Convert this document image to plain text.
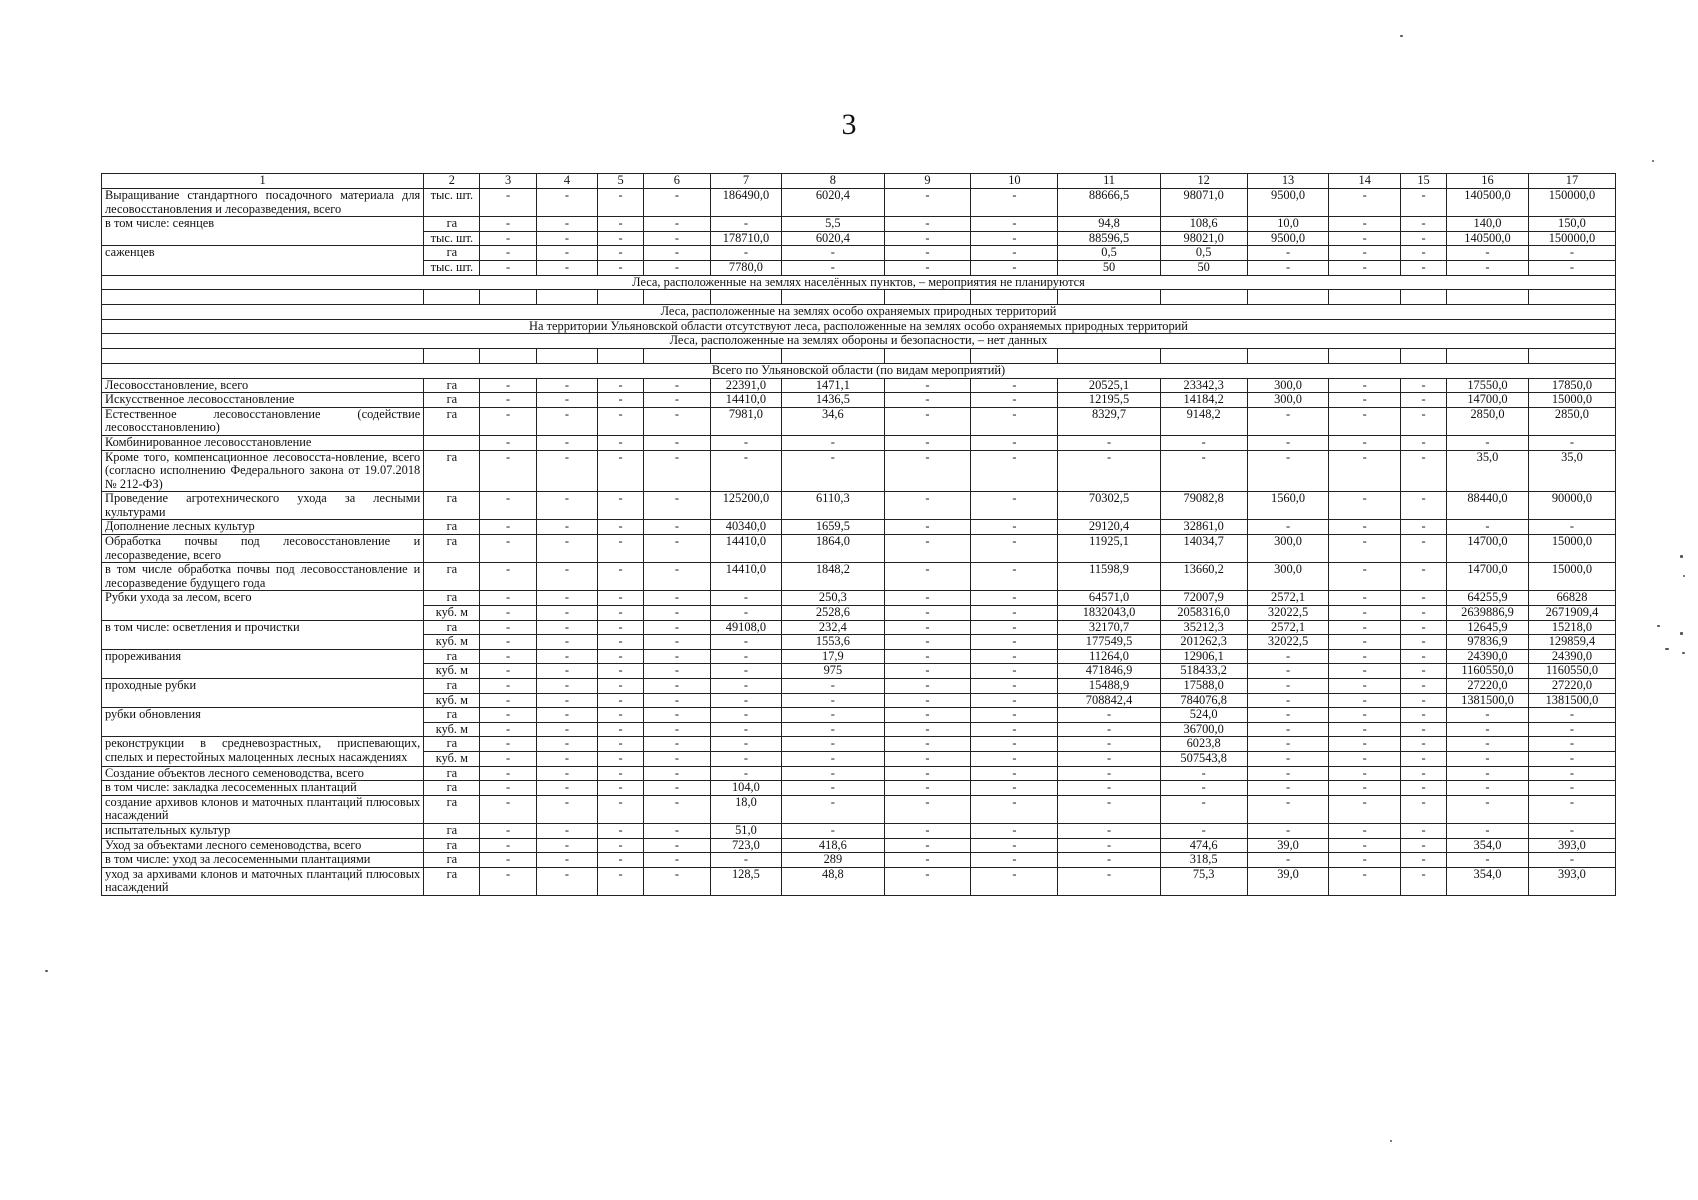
3
1	2	3	4	5	6	7	8	9	10	11	12	13	14	15	16	17
Выращивание стандартного посадочного материала для лесовосстановления и лесоразведения, всего	тыс. шт.	-	-	-	-	186490,0	6020,4	-	-	88666,5	98071,0	9500,0	-	-	140500,0	150000,0
в том числе: сеянцев	га	-	-	-	-	-	5,5	-	-	94,8	108,6	10,0	-	-	140,0	150,0
	тыс. шт.	-	-	-	-	178710,0	6020,4	-	-	88596,5	98021,0	9500,0	-	-	140500,0	150000,0
саженцев	га	-	-	-	-	-	-	-	-	0,5	0,5	-	-	-	-	-
	тыс. шт.	-	-	-	-	7780,0	-	-	-	50	50	-	-	-	-	-
Леса, расположенные на землях населённых пунктов, – мероприятия не планируются																

Леса, расположенные на землях особо охраняемых природных территорий																
На территории Ульяновской области отсутствуют леса, расположенные на землях особо охраняемых природных территорий																
Леса, расположенные на землях обороны и безопасности, – нет данных																

Всего по Ульяновской области (по видам мероприятий)																
Лесовосстановление, всего	га	-	-	-	-	22391,0	1471,1	-	-	20525,1	23342,3	300,0	-	-	17550,0	17850,0
Искусственное лесовосстановление	га	-	-	-	-	14410,0	1436,5	-	-	12195,5	14184,2	300,0	-	-	14700,0	15000,0
Естественное лесовосстановление (содействие лесовосстановлению)	га	-	-	-	-	7981,0	34,6	-	-	8329,7	9148,2	-	-	-	2850,0	2850,0
Комбинированное лесовосстановление		-	-	-	-	-	-	-	-	-	-	-	-	-	-	-
Кроме того, компенсационное лесовосста-новление, всего (согласно исполнению Федерального закона от 19.07.2018 № 212-ФЗ)	га	-	-	-	-	-	-	-	-	-	-	-	-	-	35,0	35,0
Проведение агротехнического ухода за лесными культурами	га	-	-	-	-	125200,0	6110,3	-	-	70302,5	79082,8	1560,0	-	-	88440,0	90000,0
Дополнение лесных культур	га	-	-	-	-	40340,0	1659,5	-	-	29120,4	32861,0	-	-	-	-	-
Обработка почвы под лесовосстановление и лесоразведение, всего	га	-	-	-	-	14410,0	1864,0	-	-	11925,1	14034,7	300,0	-	-	14700,0	15000,0
в том числе обработка почвы под лесовосстановление и лесоразведение будущего года	га	-	-	-	-	14410,0	1848,2	-	-	11598,9	13660,2	300,0	-	-	14700,0	15000,0
Рубки ухода за лесом, всего	га	-	-	-	-	-	250,3	-	-	64571,0	72007,9	2572,1	-	-	64255,9	66828
	куб. м	-	-	-	-	-	2528,6	-	-	1832043,0	2058316,0	32022,5	-	-	2639886,9	2671909,4
в том числе: осветления и прочистки	га	-	-	-	-	49108,0	232,4	-	-	32170,7	35212,3	2572,1	-	-	12645,9	15218,0
	куб. м	-	-	-	-	-	1553,6	-	-	177549,5	201262,3	32022,5	-	-	97836,9	129859,4
прореживания	га	-	-	-	-	-	17,9	-	-	11264,0	12906,1	-	-	-	24390,0	24390,0
	куб. м	-	-	-	-	-	975	-	-	471846,9	518433,2	-	-	-	1160550,0	1160550,0
проходные рубки	га	-	-	-	-	-	-	-	-	15488,9	17588,0	-	-	-	27220,0	27220,0
	куб. м	-	-	-	-	-	-	-	-	708842,4	784076,8	-	-	-	1381500,0	1381500,0
рубки обновления	га	-	-	-	-	-	-	-	-	-	524,0	-	-	-	-	-
	куб. м	-	-	-	-	-	-	-	-	-	36700,0	-	-	-	-	-
реконструкции в средневозрастных, приспевающих, спелых и перестойных малоценных лесных насаждениях	га	-	-	-	-	-	-	-	-	-	6023,8	-	-	-	-	-
	куб. м	-	-	-	-	-	-	-	-	-	507543,8	-	-	-	-	-
Создание объектов лесного семеноводства, всего	га	-	-	-	-	-	-	-	-	-	-	-	-	-	-	-
в том числе: закладка лесосеменных плантаций	га	-	-	-	-	104,0	-	-	-	-	-	-	-	-	-	-
создание архивов клонов и маточных плантаций плюсовых насаждений	га	-	-	-	-	18,0	-	-	-	-	-	-	-	-	-	-
испытательных культур	га	-	-	-	-	51,0	-	-	-	-	-	-	-	-	-	-
Уход за объектами лесного семеноводства, всего	га	-	-	-	-	723,0	418,6	-	-	-	474,6	39,0	-	-	354,0	393,0
в том числе: уход за лесосеменными плантациями	га	-	-	-	-	-	289	-	-	-	318,5	-	-	-	-	-
уход за архивами клонов и маточных плантаций плюсовых насаждений	га	-	-	-	-	128,5	48,8	-	-	-	75,3	39,0	-	-	354,0	393,0
